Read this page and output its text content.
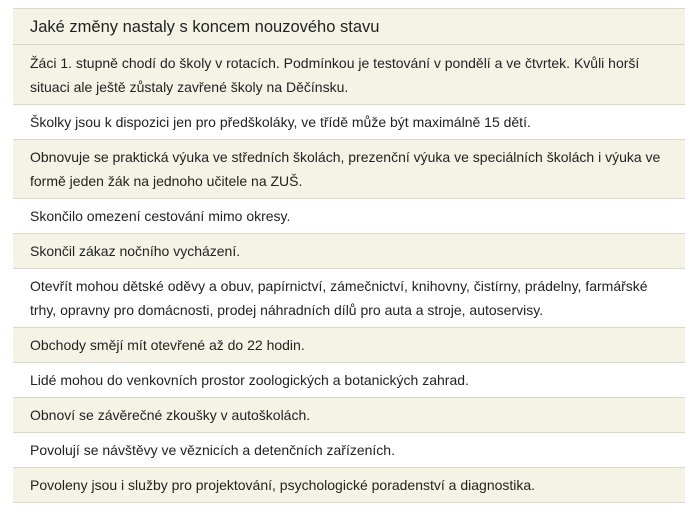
Jaké změny nastaly s koncem nouzového stavu
Žáci 1. stupně chodí do školy v rotacích. Podmínkou je testování v pondělí a ve čtvrtek. Kvůli horší situaci ale ještě zůstaly zavřené školy na Děčínsku.
Školky jsou k dispozici jen pro předškoláky, ve třídě může být maximálně 15 dětí.
Obnovuje se praktická výuka ve středních školách, prezenční výuka ve speciálních školách i výuka ve formě jeden žák na jednoho učitele na ZUŠ.
Skončilo omezení cestování mimo okresy.
Skončil zákaz nočního vycházení.
Otevřít mohou dětské oděvy a obuv, papírnictví, zámečnictví, knihovny, čistírny, prádelny, farmářské trhy, opravny pro domácnosti, prodej náhradních dílů pro auta a stroje, autoservisy.
Obchody smějí mít otevřené až do 22 hodin.
Lidé mohou do venkovních prostor zoologických a botanických zahrad.
Obnoví se závěrečné zkoušky v autoškolách.
Povolují se návštěvy ve věznicích a detenčních zařízeních.
Povoleny jsou i služby pro projektování, psychologické poradenství a diagnostika.
